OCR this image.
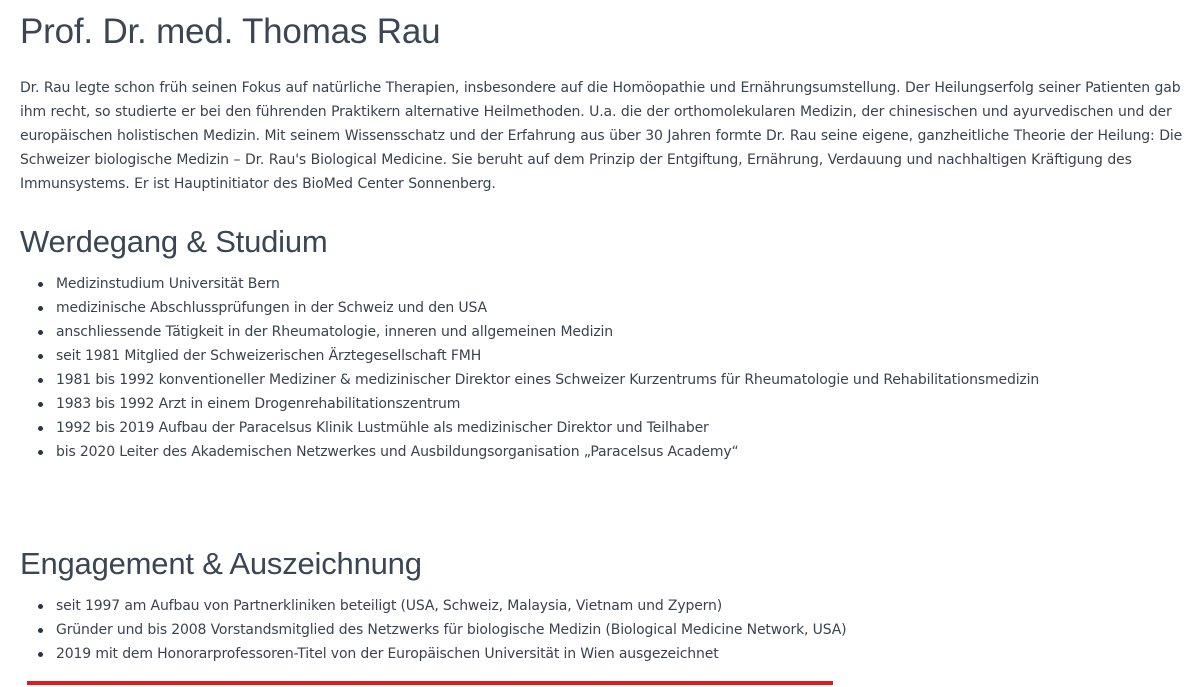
Prof. Dr. med. Thomas Rau

Dr. Rau legte schon früh seinen Fokus auf natürliche Therapien, insbesondere auf die Homöopathie und Ernährungsumstellung. Der Heilungserfolg seiner Patienten gab ihm recht, so studierte er bei den führenden Praktikern alternative Heilmethoden. U.a. die der orthomolekularen Medizin, der chinesischen und ayurvedischen und der europäischen holistischen Medizin. Mit seinem Wissensschatz und der Erfahrung aus über 30 Jahren formte Dr. Rau seine eigene, ganzheitliche Theorie der Heilung: Die Schweizer biologische Medizin – Dr. Rau's Biological Medicine. Sie beruht auf dem Prinzip der Entgiftung, Ernährung, Verdauung und nachhaltigen Kräftigung des Immunsystems. Er ist Hauptinitiator des BioMed Center Sonnenberg.

Werdegang & Studium
Medizinstudium Universität Bern
medizinische Abschlussprüfungen in der Schweiz und den USA
anschliessende Tätigkeit in der Rheumatologie, inneren und allgemeinen Medizin
seit 1981 Mitglied der Schweizerischen Ärztegesellschaft FMH
1981 bis 1992 konventioneller Mediziner & medizinischer Direktor eines Schweizer Kurzentrums für Rheumatologie und Rehabilitationsmedizin
1983 bis 1992 Arzt in einem Drogenrehabilitationszentrum
1992 bis 2019 Aufbau der Paracelsus Klinik Lustmühle als medizinischer Direktor und Teilhaber
bis 2020 Leiter des Akademischen Netzwerkes und Ausbildungsorganisation „Paracelsus Academy“
Engagement & Auszeichnung
seit 1997 am Aufbau von Partnerkliniken beteiligt (USA, Schweiz, Malaysia, Vietnam und Zypern)
Gründer und bis 2008 Vorstandsmitglied des Netzwerks für biologische Medizin (Biological Medicine Network, USA)
2019 mit dem Honorarprofessoren-Titel von der Europäischen Universität in Wien ausgezeichnet
